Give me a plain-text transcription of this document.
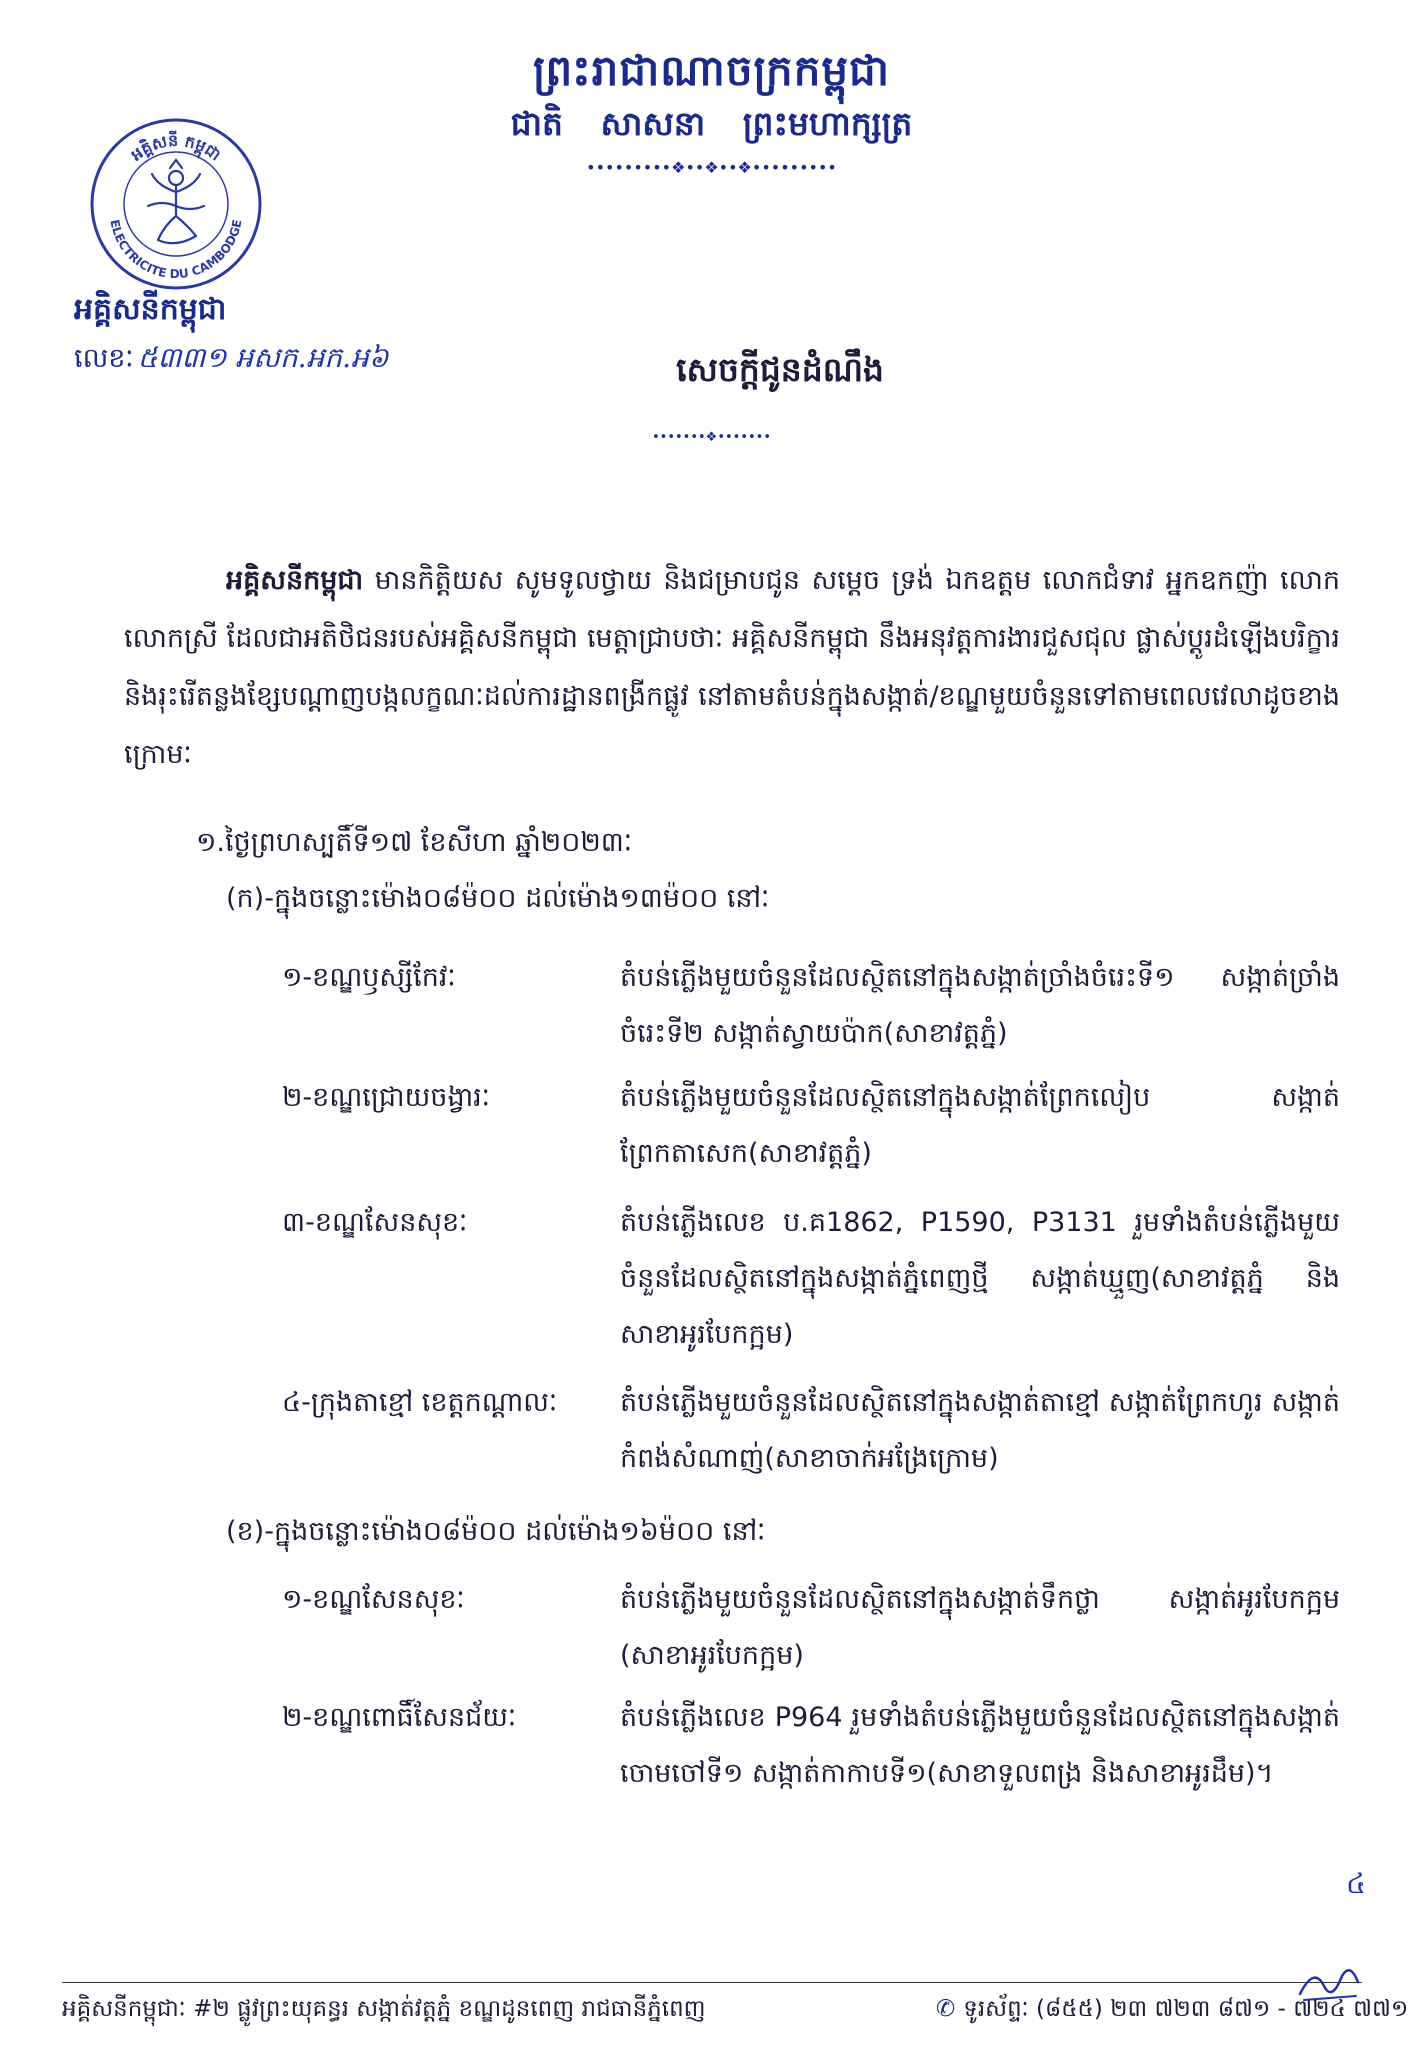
ព្រះរាជាណាចក្រកម្ពុជា
ជាតិ សាសនា ព្រះមហាក្សត្រ
•••••••••❖••❖••❖•••••••••
អគ្គិសនី កម្ពុជា
ELECTRICITE DU CAMBODGE
អគ្គិសនីកម្ពុជា
លេខៈ ៥៣៣១ អសក.អក.អ៦	សេចក្តីជូនដំណឹង
•••••••❖•••••••
អគ្គិសនីកម្ពុជា មានកិត្តិយស សូមទូលថ្វាយ និងជម្រាបជូន សម្តេច ទ្រង់ ឯកឧត្តម លោកជំទាវ អ្នកឧកញ៉ា លោក លោកស្រី ដែលជាអតិថិជនរបស់អគ្គិសនីកម្ពុជា មេត្តាជ្រាបថាៈ អគ្គិសនីកម្ពុជា នឹងអនុវត្តការងារជួសជុល ផ្លាស់ប្តូរដំឡើងបរិក្ខារ និងរុះរើតន្លងខ្សែបណ្តាញបង្កលក្ខណៈដល់ការដ្ឋានពង្រីកផ្លូវ នៅតាមតំបន់ក្នុងសង្កាត់/ខណ្ឌមួយចំនួនទៅតាមពេលវេលាដូចខាងក្រោមៈ
១.ថ្ងៃព្រហស្បតិ៍ទី១៧ ខែសីហា ឆ្នាំ២០២៣ៈ
(ក)-ក្នុងចន្លោះម៉ោង០៨ម៉០០ ដល់ម៉ោង១៣ម៉០០ នៅៈ
១-ខណ្ឌឫស្សីកែវៈ	តំបន់ភ្លើងមួយចំនួនដែលស្ថិតនៅក្នុងសង្កាត់ច្រាំងចំរេះទី១ សង្កាត់ច្រាំងចំរេះទី២ សង្កាត់ស្វាយប៉ាក(សាខាវត្តភ្នំ)
២-ខណ្ឌជ្រោយចង្វារៈ	តំបន់ភ្លើងមួយចំនួនដែលស្ថិតនៅក្នុងសង្កាត់ព្រែកលៀប សង្កាត់ព្រែកតាសេក(សាខាវត្តភ្នំ)
៣-ខណ្ឌសែនសុខៈ	តំបន់ភ្លើងលេខ ប.គ1862, P1590, P3131 រួមទាំងតំបន់ភ្លើងមួយចំនួនដែលស្ថិតនៅក្នុងសង្កាត់ភ្នំពេញថ្មី សង្កាត់ឃ្មួញ(សាខាវត្តភ្នំ និងសាខាអូរបែកក្អម)
៤-ក្រុងតាខ្មៅ ខេត្តកណ្តាលៈ	តំបន់ភ្លើងមួយចំនួនដែលស្ថិតនៅក្នុងសង្កាត់តាខ្មៅ សង្កាត់ព្រែកហូរ សង្កាត់កំពង់សំណាញ់(សាខាចាក់អង្រែក្រោម)
(ខ)-ក្នុងចន្លោះម៉ោង០៨ម៉០០ ដល់ម៉ោង១៦ម៉០០ នៅៈ
១-ខណ្ឌសែនសុខៈ	តំបន់ភ្លើងមួយចំនួនដែលស្ថិតនៅក្នុងសង្កាត់ទឹកថ្លា សង្កាត់អូរបែកក្អម (សាខាអូរបែកក្អម)
២-ខណ្ឌពោធិ៍សែនជ័យៈ	តំបន់ភ្លើងលេខ P964 រួមទាំងតំបន់ភ្លើងមួយចំនួនដែលស្ថិតនៅក្នុងសង្កាត់ចោមចៅទី១ សង្កាត់កាកាបទី១(សាខាទួលពង្រ និងសាខាអូរដឹម)។
៤
អគ្គិសនីកម្ពុជាៈ #២ ផ្លូវព្រះយុគន្ធរ សង្កាត់វត្តភ្នំ ខណ្ឌដូនពេញ រាជធានីភ្នំពេញ	✆ ទូរស័ព្ទៈ (៨៥៥) ២៣ ៧២៣ ៨៧១ - ៧២៤ ៧៧១
